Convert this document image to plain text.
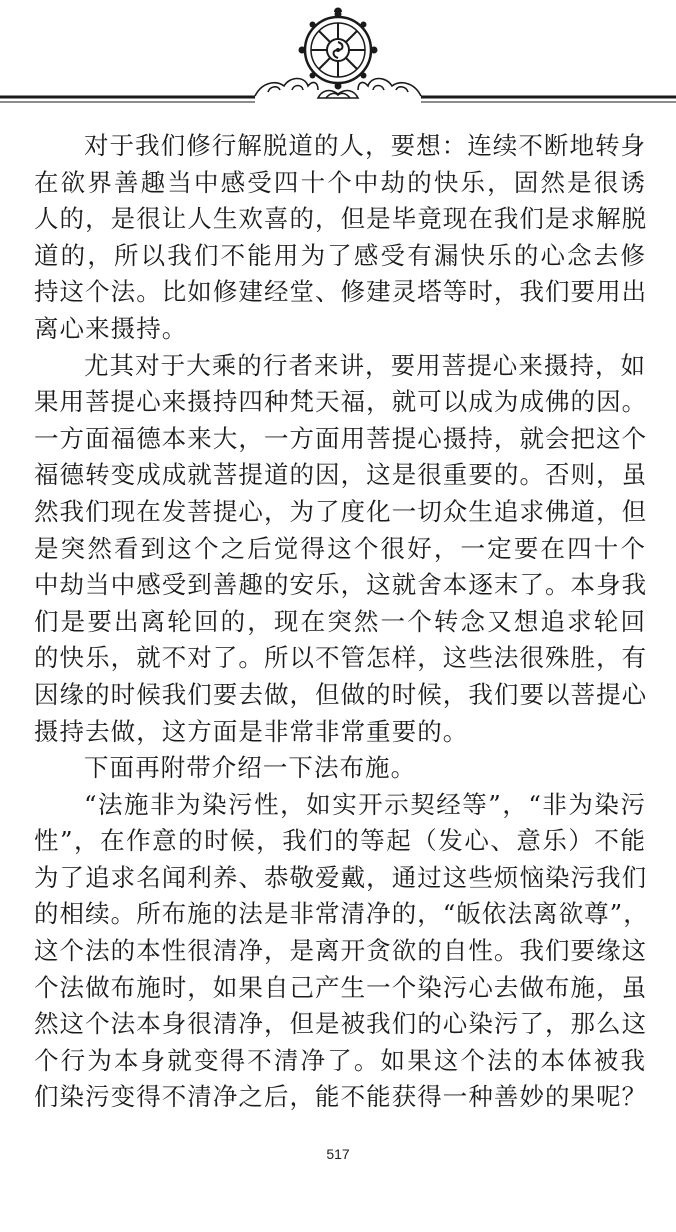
对于我们修行解脱道的人，要想：连续不断地转身
在欲界善趣当中感受四十个中劫的快乐，固然是很诱
人的，是很让人生欢喜的，但是毕竟现在我们是求解脱
道的，所以我们不能用为了感受有漏快乐的心念去修
持这个法。比如修建经堂、修建灵塔等时，我们要用出
离心来摄持。
尤其对于大乘的行者来讲，要用菩提心来摄持，如
果用菩提心来摄持四种梵天福，就可以成为成佛的因。
一方面福德本来大，一方面用菩提心摄持，就会把这个
福德转变成成就菩提道的因，这是很重要的。否则，虽
然我们现在发菩提心，为了度化一切众生追求佛道，但
是突然看到这个之后觉得这个很好，一定要在四十个
中劫当中感受到善趣的安乐，这就舍本逐末了。本身我
们是要出离轮回的，现在突然一个转念又想追求轮回
的快乐，就不对了。所以不管怎样，这些法很殊胜，有
因缘的时候我们要去做，但做的时候，我们要以菩提心
摄持去做，这方面是非常非常重要的。
下面再附带介绍一下法布施。
“法施非为染污性，如实开示契经等”，“非为染污
性”，在作意的时候，我们的等起（发心、意乐）不能
为了追求名闻利养、恭敬爱戴，通过这些烦恼染污我们
的相续。所布施的法是非常清净的，“皈依法离欲尊”，
这个法的本性很清净，是离开贪欲的自性。我们要缘这
个法做布施时，如果自己产生一个染污心去做布施，虽
然这个法本身很清净，但是被我们的心染污了，那么这
个行为本身就变得不清净了。如果这个法的本体被我
们染污变得不清净之后，能不能获得一种善妙的果呢？
517
